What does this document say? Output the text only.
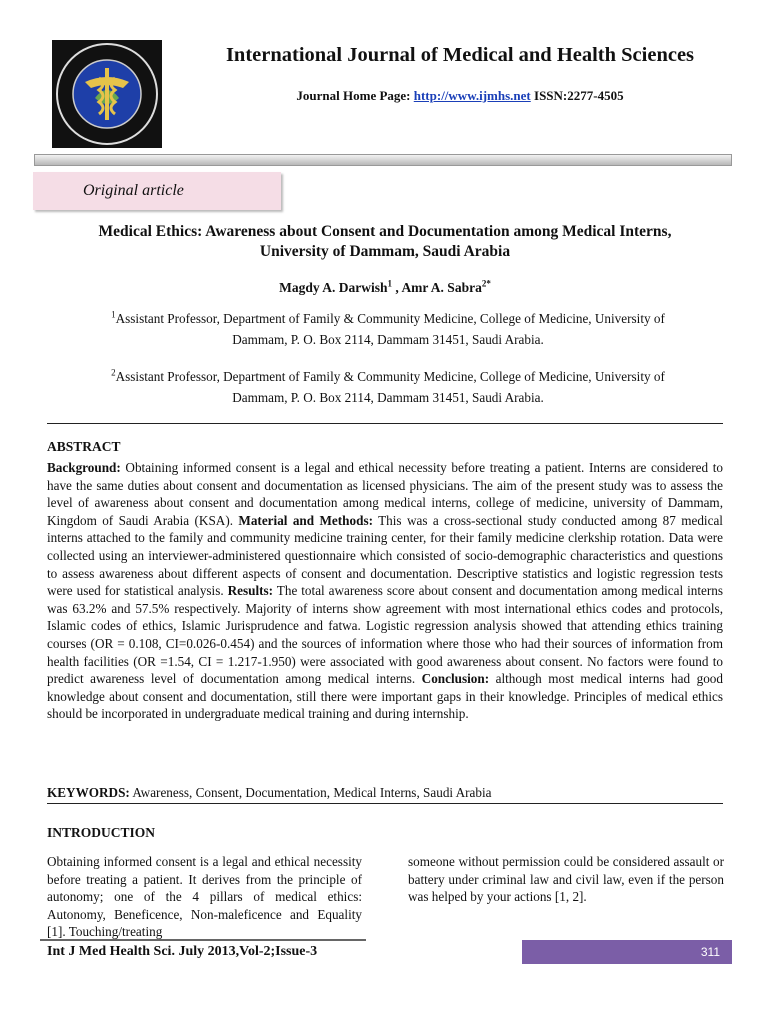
International Journal of Medical and Health Sciences
Journal Home Page: http://www.ijmhs.net ISSN:2277-4505
Original article
Medical Ethics: Awareness about Consent and Documentation among Medical Interns,
University of Dammam, Saudi Arabia
Magdy A. Darwish$^1$ , Amr A. Sabra$^{2*}$
$^1$Assistant Professor, Department of Family & Community Medicine, College of Medicine, University of
Dammam, P. O. Box 2114, Dammam 31451, Saudi Arabia.
$^2$Assistant Professor, Department of Family & Community Medicine, College of Medicine, University of
Dammam, P. O. Box 2114, Dammam 31451, Saudi Arabia.
ABSTRACT
Background: Obtaining informed consent is a legal and ethical necessity before treating a patient. Interns are considered to have the same duties about consent and documentation as licensed physicians. The aim of the present study was to assess the level of awareness about consent and documentation among medical interns, college of medicine, university of Dammam, Kingdom of Saudi Arabia (KSA). Material and Methods: This was a cross-sectional study conducted among 87 medical interns attached to the family and community medicine training center, for their family medicine clerkship rotation. Data were collected using an interviewer-administered questionnaire which consisted of socio-demographic characteristics and questions to assess awareness about different aspects of consent and documentation. Descriptive statistics and logistic regression tests were used for statistical analysis. Results: The total awareness score about consent and documentation among medical interns was 63.2% and 57.5% respectively. Majority of interns show agreement with most international ethics codes and protocols, Islamic codes of ethics, Islamic Jurisprudence and fatwa. Logistic regression analysis showed that attending ethics training courses (OR = 0.108, CI=0.026-0.454) and the sources of information where those who had their sources of information from health facilities (OR =1.54, CI = 1.217-1.950) were associated with good awareness about consent. No factors were found to predict awareness level of documentation among medical interns. Conclusion: although most medical interns had good knowledge about consent and documentation, still there were important gaps in their knowledge. Principles of medical ethics should be incorporated in undergraduate medical training and during internship.
KEYWORDS: Awareness, Consent, Documentation, Medical Interns, Saudi Arabia
INTRODUCTION
Obtaining informed consent is a legal and ethical necessity before treating a patient. It derives from the principle of autonomy; one of the 4 pillars of medical ethics: Autonomy, Beneficence, Non-maleficence and Equality [1]. Touching/treating
someone without permission could be considered assault or battery under criminal law and civil law, even if the person was helped by your actions [1, 2].
Int J Med Health Sci. July 2013,Vol-2;Issue-3	311
